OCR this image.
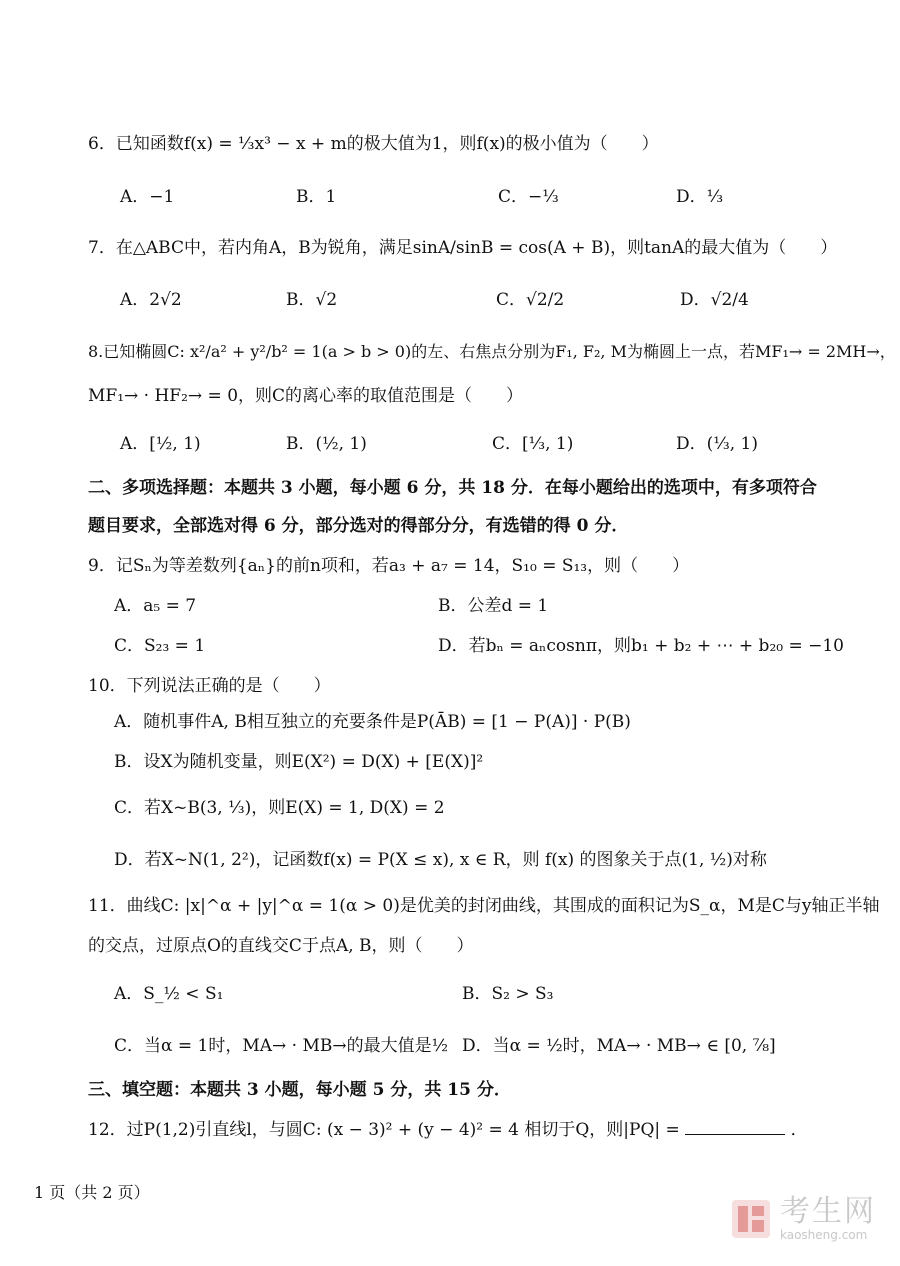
6．已知函数f(x) = ⅓x³ − x + m的极大值为1，则f(x)的极小值为（　　）
A．−1	B．1	C．−⅓	D．⅓
7．在△ABC中，若内角A，B为锐角，满足sinA/sinB = cos(A + B)，则tanA的最大值为（　　）
A．2√2	B．√2	C．√2/2	D．√2/4
8.已知椭圆C: x²/a² + y²/b² = 1(a > b > 0)的左、右焦点分别为F₁, F₂, M为椭圆上一点，若MF₁→ = 2MH→，
MF₁→ · HF₂→ = 0，则C的离心率的取值范围是（　　）
A．[½, 1)	B．(½, 1)	C．[⅓, 1)	D．(⅓, 1)
二、多项选择题：本题共 3 小题，每小题 6 分，共 18 分．在每小题给出的选项中，有多项符合
题目要求，全部选对得 6 分，部分选对的得部分分，有选错的得 0 分．
9．记Sₙ为等差数列{aₙ}的前n项和，若a₃ + a₇ = 14，S₁₀ = S₁₃，则（　　）
A．a₅ = 7	B．公差d = 1
C．S₂₃ = 1	D．若bₙ = aₙcosnπ，则b₁ + b₂ + ⋯ + b₂₀ = −10
10．下列说法正确的是（　　）
A．随机事件A, B相互独立的充要条件是P(ĀB) = [1 − P(A)] · P(B)
B．设X为随机变量，则E(X²) = D(X) + [E(X)]²
C．若X~B(3, ⅓)，则E(X) = 1, D(X) = 2
D．若X~N(1, 2²)，记函数f(x) = P(X ≤ x), x ∈ R，则 f(x) 的图象关于点(1, ½)对称
11．曲线C: |x|^α + |y|^α = 1(α > 0)是优美的封闭曲线，其围成的面积记为S_α，M是C与y轴正半轴
的交点，过原点O的直线交C于点A, B，则（　　）
A．S_½ < S₁	B．S₂ > S₃
C．当α = 1时，MA→ · MB→的最大值是½ D．当α = ½时，MA→ · MB→ ∈ [0, ⅞]
三、填空题：本题共 3 小题，每小题 5 分，共 15 分．
12．过P(1,2)引直线l，与圆C: (x − 3)² + (y − 4)² = 4 相切于Q，则|PQ| =	．
1 页（共 2 页）
考生网
kaosheng.com
